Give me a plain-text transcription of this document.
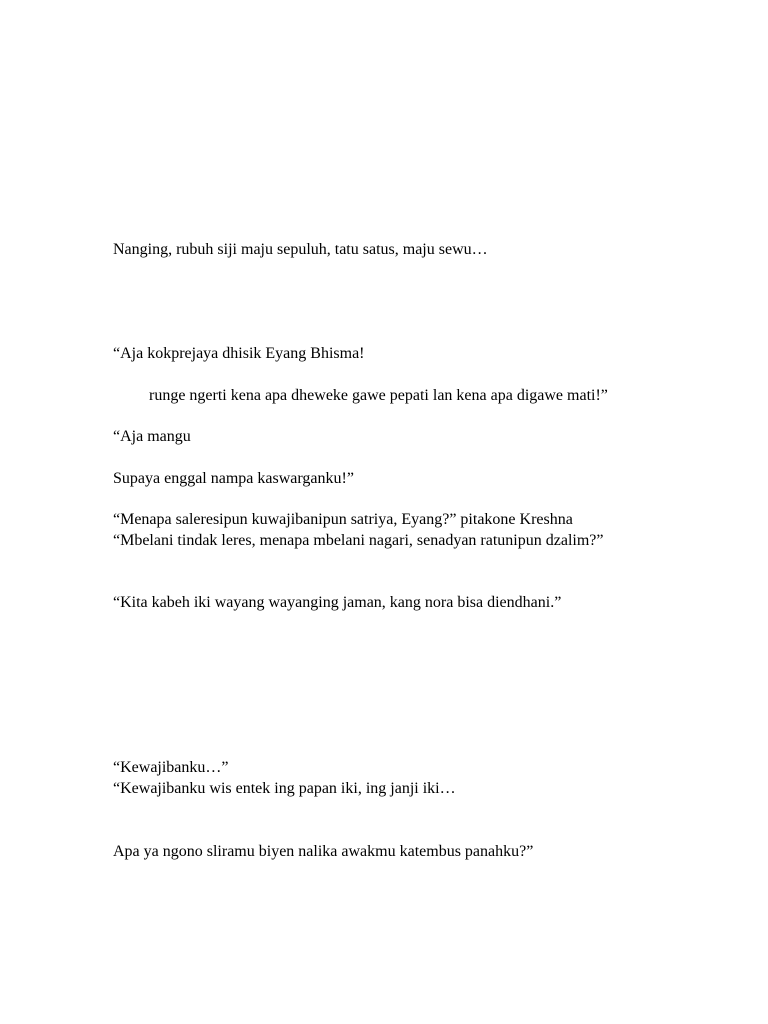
Nanging, rubuh siji maju sepuluh, tatu satus, maju sewu…
“Aja kokprejaya dhisik Eyang Bhisma!
runge ngerti kena apa dheweke gawe pepati lan kena apa digawe mati!”
“Aja mangu
Supaya enggal nampa kaswarganku!”
“Menapa saleresipun kuwajibanipun satriya, Eyang?” pitakone Kreshna
“Mbelani tindak leres, menapa mbelani nagari, senadyan ratunipun dzalim?”
“Kita kabeh iki wayang wayanging jaman, kang nora bisa diendhani.”
“Kewajibanku…”
“Kewajibanku wis entek ing papan iki, ing janji iki…
Apa ya ngono sliramu biyen nalika awakmu katembus panahku?”
